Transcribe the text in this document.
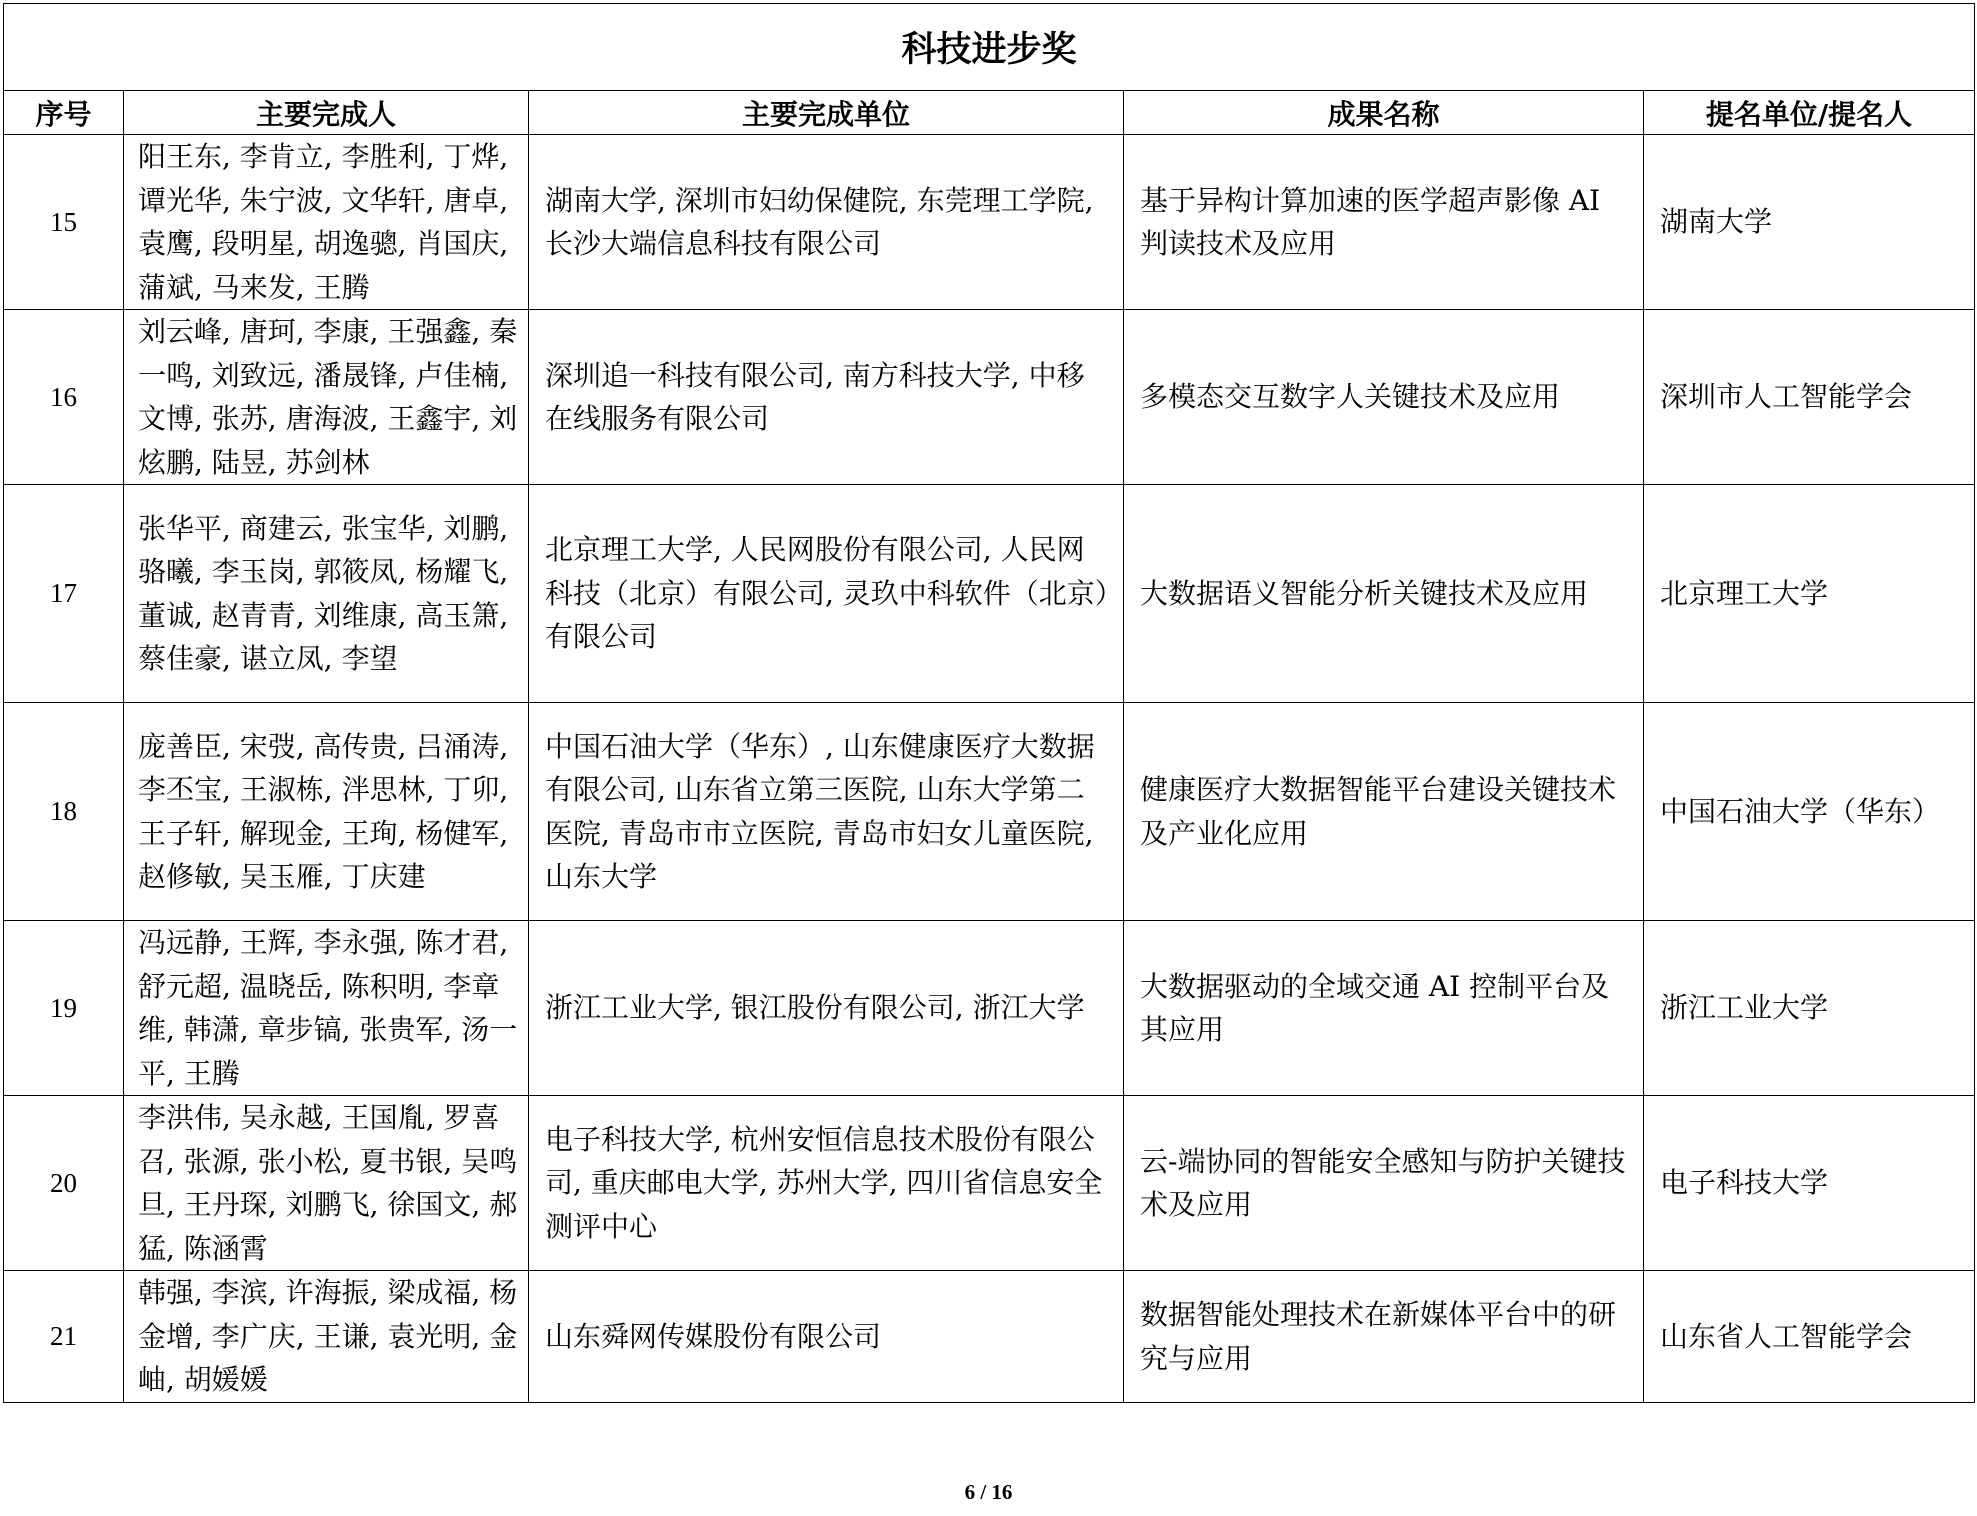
科技进步奖				
序号	主要完成人	主要完成单位	成果名称	提名单位/提名人
15	阳王东, 李肯立, 李胜利, 丁烨, 谭光华, 朱宁波, 文华轩, 唐卓, 袁鹰, 段明星, 胡逸骢, 肖国庆, 蒲斌, 马来发, 王腾	湖南大学, 深圳市妇幼保健院, 东莞理工学院, 长沙大端信息科技有限公司	基于异构计算加速的医学超声影像 AI 判读技术及应用	湖南大学
16	刘云峰, 唐珂, 李康, 王强鑫, 秦一鸣, 刘致远, 潘晟锋, 卢佳楠, 文博, 张苏, 唐海波, 王鑫宇, 刘炫鹏, 陆昱, 苏剑林	深圳追一科技有限公司, 南方科技大学, 中移在线服务有限公司	多模态交互数字人关键技术及应用	深圳市人工智能学会
17	张华平, 商建云, 张宝华, 刘鹏, 骆曦, 李玉岗, 郭筱凤, 杨耀飞, 董诚, 赵青青, 刘维康, 高玉箫, 蔡佳豪, 谌立凤, 李望	北京理工大学, 人民网股份有限公司, 人民网科技（北京）有限公司, 灵玖中科软件（北京）有限公司	大数据语义智能分析关键技术及应用	北京理工大学
18	庞善臣, 宋弢, 高传贵, 吕涌涛, 李丕宝, 王淑栋, 泮思林, 丁卯, 王子轩, 解现金, 王珣, 杨健军, 赵修敏, 吴玉雁, 丁庆建	中国石油大学（华东）, 山东健康医疗大数据有限公司, 山东省立第三医院, 山东大学第二医院, 青岛市市立医院, 青岛市妇女儿童医院, 山东大学	健康医疗大数据智能平台建设关键技术及产业化应用	中国石油大学（华东）
19	冯远静, 王辉, 李永强, 陈才君, 舒元超, 温晓岳, 陈积明, 李章维, 韩潇, 章步镐, 张贵军, 汤一平, 王腾	浙江工业大学, 银江股份有限公司, 浙江大学	大数据驱动的全域交通 AI 控制平台及其应用	浙江工业大学
20	李洪伟, 吴永越, 王国胤, 罗喜召, 张源, 张小松, 夏书银, 吴鸣旦, 王丹琛, 刘鹏飞, 徐国文, 郝猛, 陈涵霄	电子科技大学, 杭州安恒信息技术股份有限公司, 重庆邮电大学, 苏州大学, 四川省信息安全测评中心	云-端协同的智能安全感知与防护关键技术及应用	电子科技大学
21	韩强, 李滨, 许海振, 梁成福, 杨金增, 李广庆, 王谦, 袁光明, 金岫, 胡媛媛	山东舜网传媒股份有限公司	数据智能处理技术在新媒体平台中的研究与应用	山东省人工智能学会
6 / 16
